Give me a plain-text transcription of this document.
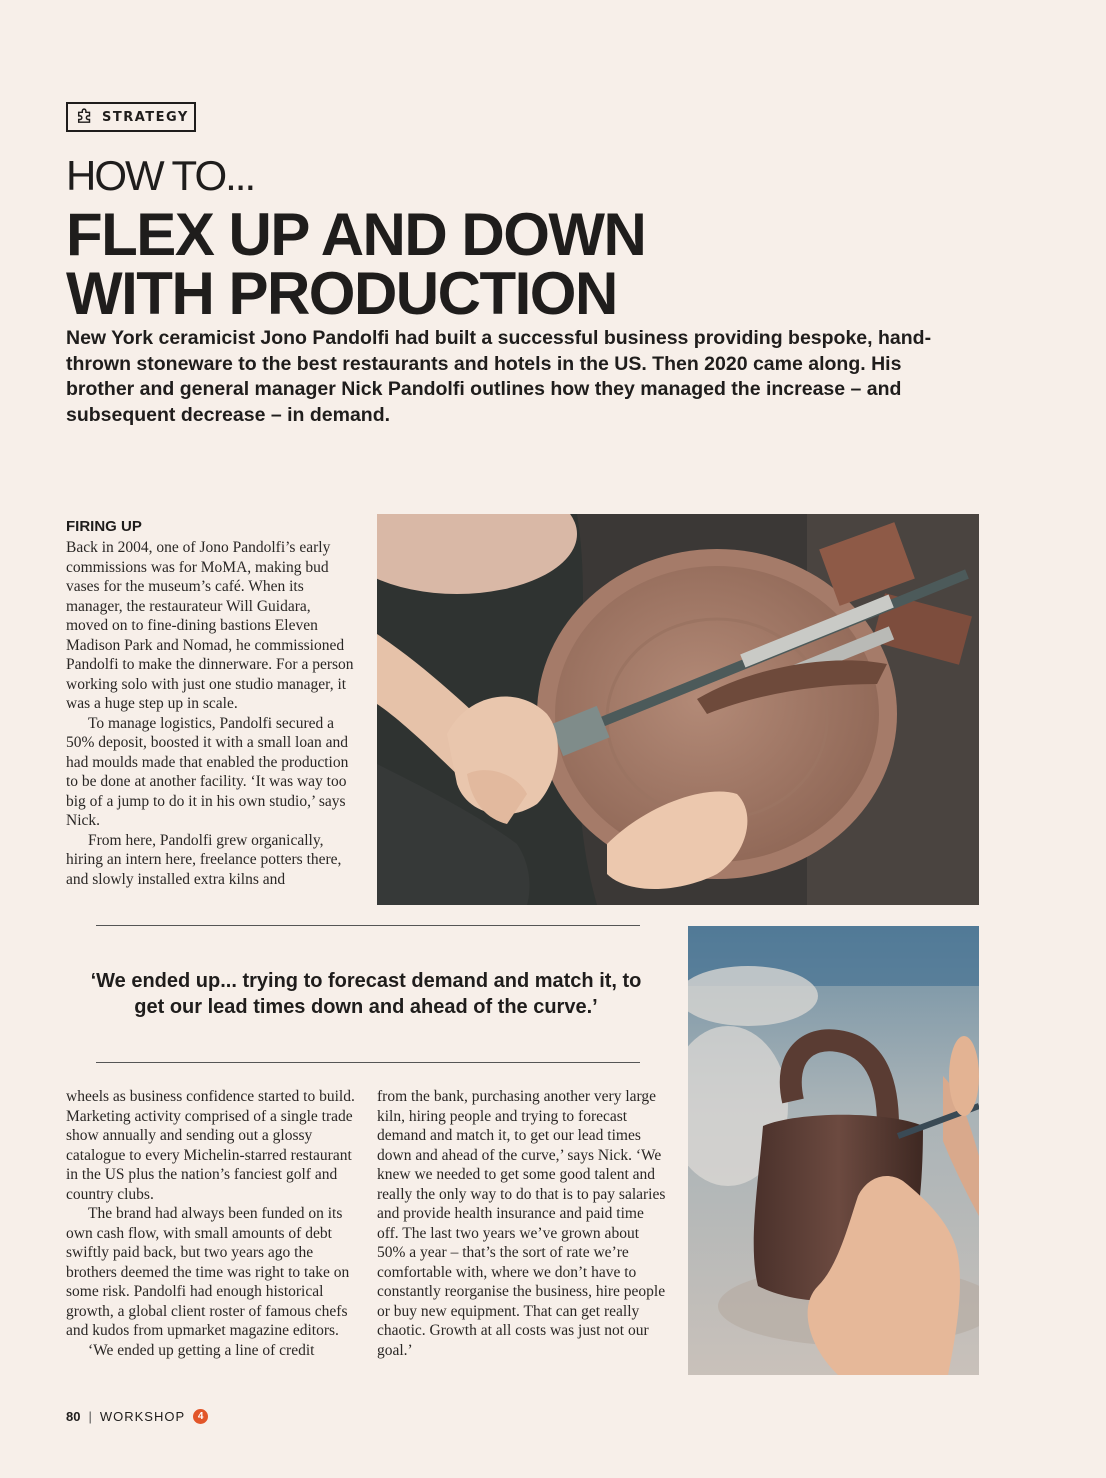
STRATEGY
HOW TO...
FLEX UP AND DOWN
WITH PRODUCTION

New York ceramicist Jono Pandolfi had built a successful business providing bespoke, hand-thrown stoneware to the best restaurants and hotels in the US. Then 2020 came along. His brother and general manager Nick Pandolfi outlines how they managed the increase – and subsequent decrease – in demand.

FIRING UP

Back in 2004, one of Jono Pandolfi’s early commissions was for MoMA, making bud vases for the museum’s café. When its manager, the restaurateur Will Guidara, moved on to fine-dining bastions Eleven Madison Park and Nomad, he commissioned Pandolfi to make the dinnerware. For a person working solo with just one studio manager, it was a huge step up in scale.

To manage logistics, Pandolfi secured a 50% deposit, boosted it with a small loan and had moulds made that enabled the production to be done at another facility. ‘It was way too big of a jump to do it in his own studio,’ says Nick.

From here, Pandolfi grew organically, hiring an intern here, freelance potters there, and slowly installed extra kilns and

‘We ended up... trying to forecast demand and match it, to get our lead times down and ahead of the curve.’

wheels as business confidence started to build. Marketing activity comprised of a single trade show annually and sending out a glossy catalogue to every Michelin-starred restaurant in the US plus the nation’s fanciest golf and country clubs.

The brand had always been funded on its own cash flow, with small amounts of debt swiftly paid back, but two years ago the brothers deemed the time was right to take on some risk. Pandolfi had enough historical growth, a global client roster of famous chefs and kudos from upmarket magazine editors.

‘We ended up getting a line of credit

from the bank, purchasing another very large kiln, hiring people and trying to forecast demand and match it, to get our lead times down and ahead of the curve,’ says Nick. ‘We knew we needed to get some good talent and really the only way to do that is to pay salaries and provide health insurance and paid time off. The last two years we’ve grown about 50% a year – that’s the sort of rate we’re comfortable with, where we don’t have to constantly reorganise the business, hire people or buy new equipment. That can get really chaotic. Growth at all costs was just not our goal.’

80 | WORKSHOP	4
